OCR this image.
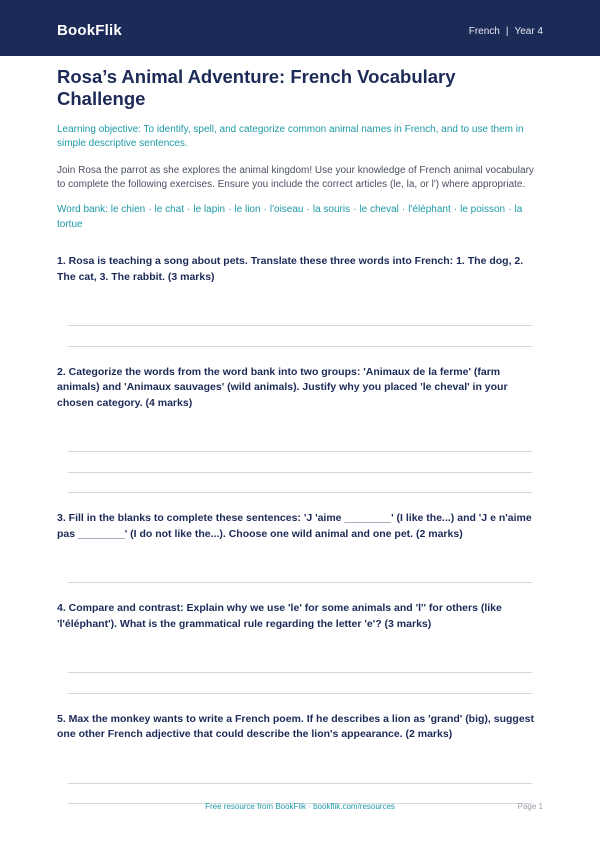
BookFlik	French | Year 4
Rosa’s Animal Adventure: French Vocabulary Challenge
Learning objective: To identify, spell, and categorize common animal names in French, and to use them in simple descriptive sentences.
Join Rosa the parrot as she explores the animal kingdom! Use your knowledge of French animal vocabulary to complete the following exercises. Ensure you include the correct articles (le, la, or l') where appropriate.
Word bank: le chien · le chat · le lapin · le lion · l'oiseau · la souris · le cheval · l'éléphant · le poisson · la tortue
1. Rosa is teaching a song about pets. Translate these three words into French: 1. The dog, 2. The cat, 3. The rabbit. (3 marks)
2. Categorize the words from the word bank into two groups: 'Animaux de la ferme' (farm animals) and 'Animaux sauvages' (wild animals). Justify why you placed 'le cheval' in your chosen category. (4 marks)
3. Fill in the blanks to complete these sentences: 'J 'aime ________' (I like the...) and 'J e n'aime pas ________' (I do not like the...). Choose one wild animal and one pet. (2 marks)
4. Compare and contrast: Explain why we use 'le' for some animals and 'l'' for others (like 'l'éléphant'). What is the grammatical rule regarding the letter 'e'? (3 marks)
5. Max the monkey wants to write a French poem. If he describes a lion as 'grand' (big), suggest one other French adjective that could describe the lion's appearance. (2 marks)
Free resource from BookFlik · bookflik.com/resources	Page 1
